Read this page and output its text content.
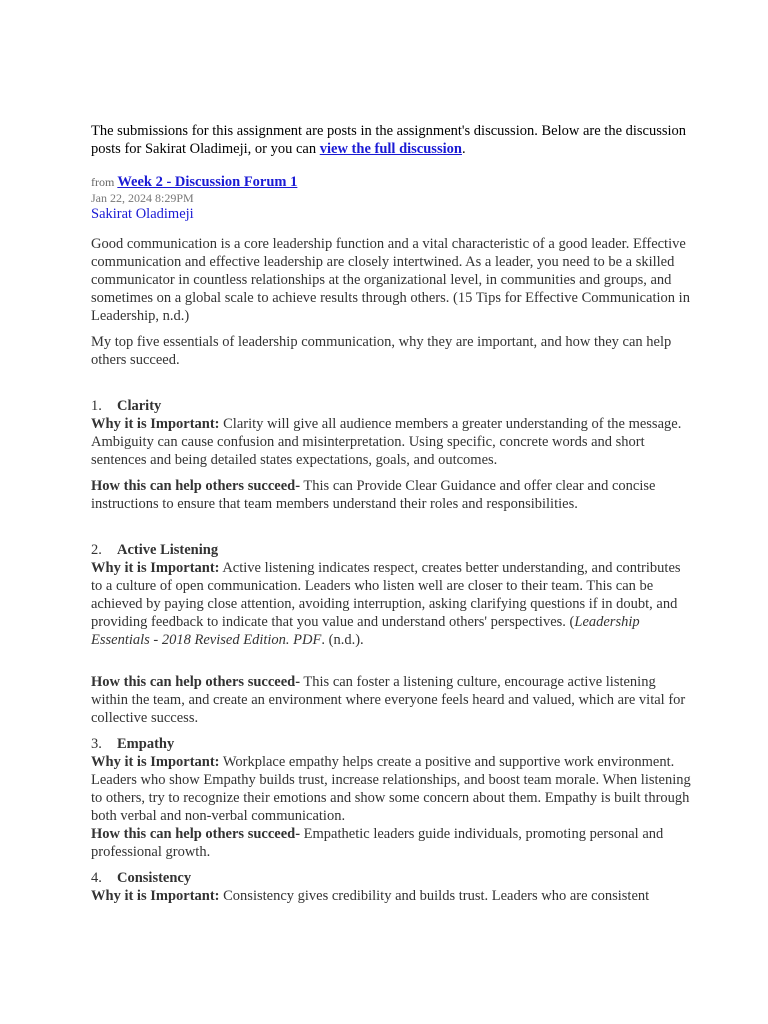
The submissions for this assignment are posts in the assignment's discussion. Below are the discussion posts for Sakirat Oladimeji, or you can view the full discussion.

from Week 2 - Discussion Forum 1
Jan 22, 2024 8:29PM
Sakirat Oladimeji

Good communication is a core leadership function and a vital characteristic of a good leader. Effective communication and effective leadership are closely intertwined. As a leader, you need to be a skilled communicator in countless relationships at the organizational level, in communities and groups, and sometimes on a global scale to achieve results through others. (15 Tips for Effective Communication in Leadership, n.d.)

My top five essentials of leadership communication, why they are important, and how they can help others succeed.

1. Clarity

Why it is Important: Clarity will give all audience members a greater understanding of the message. Ambiguity can cause confusion and misinterpretation. Using specific, concrete words and short sentences and being detailed states expectations, goals, and outcomes.

How this can help others succeed- This can Provide Clear Guidance and offer clear and concise instructions to ensure that team members understand their roles and responsibilities.

2. Active Listening

Why it is Important: Active listening indicates respect, creates better understanding, and contributes to a culture of open communication. Leaders who listen well are closer to their team. This can be achieved by paying close attention, avoiding interruption, asking clarifying questions if in doubt, and providing feedback to indicate that you value and understand others' perspectives. (Leadership Essentials - 2018 Revised Edition. PDF. (n.d.).

How this can help others succeed- This can foster a listening culture, encourage active listening within the team, and create an environment where everyone feels heard and valued, which are vital for collective success.

3. Empathy
Why it is Important: Workplace empathy helps create a positive and supportive work environment. Leaders who show Empathy builds trust, increase relationships, and boost team morale. When listening to others, try to recognize their emotions and show some concern about them. Empathy is built through both verbal and non-verbal communication.

How this can help others succeed- Empathetic leaders guide individuals, promoting personal and professional growth.

4. Consistency
Why it is Important: Consistency gives credibility and builds trust. Leaders who are consistent
